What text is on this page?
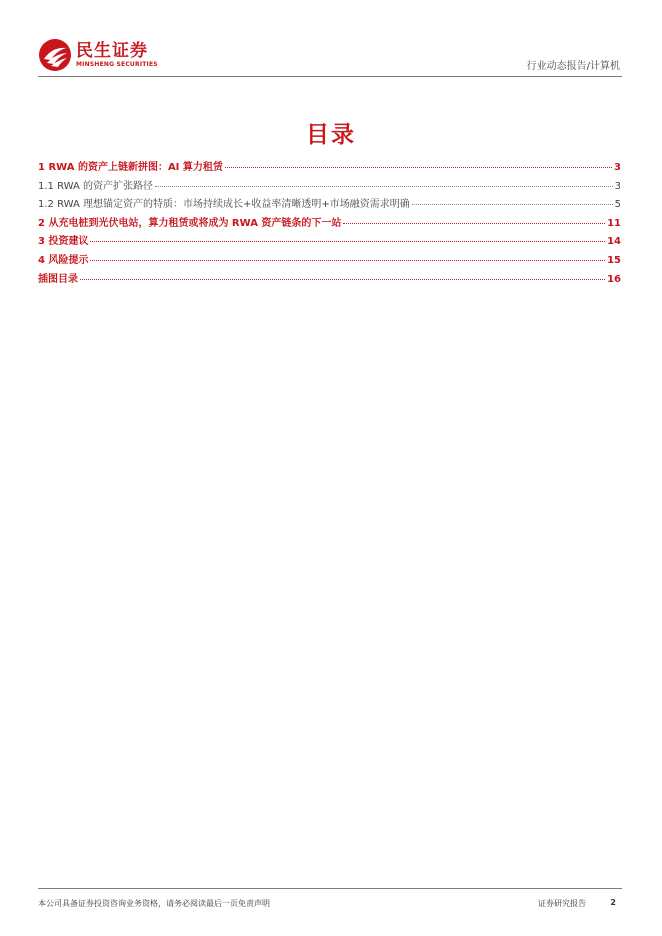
民生证券
MINSHENG SECURITIES	行业动态报告/计算机
目录
1 RWA 的资产上链新拼图：AI 算力租赁	3
1.1 RWA 的资产扩张路径	3
1.2 RWA 理想锚定资产的特质：市场持续成长+收益率清晰透明+市场融资需求明确	5
2 从充电桩到光伏电站，算力租赁或将成为 RWA 资产链条的下一站	11
3 投资建议	14
4 风险提示	15
插图目录	16
本公司具备证券投资咨询业务资格，请务必阅读最后一页免责声明	证券研究报告	2
